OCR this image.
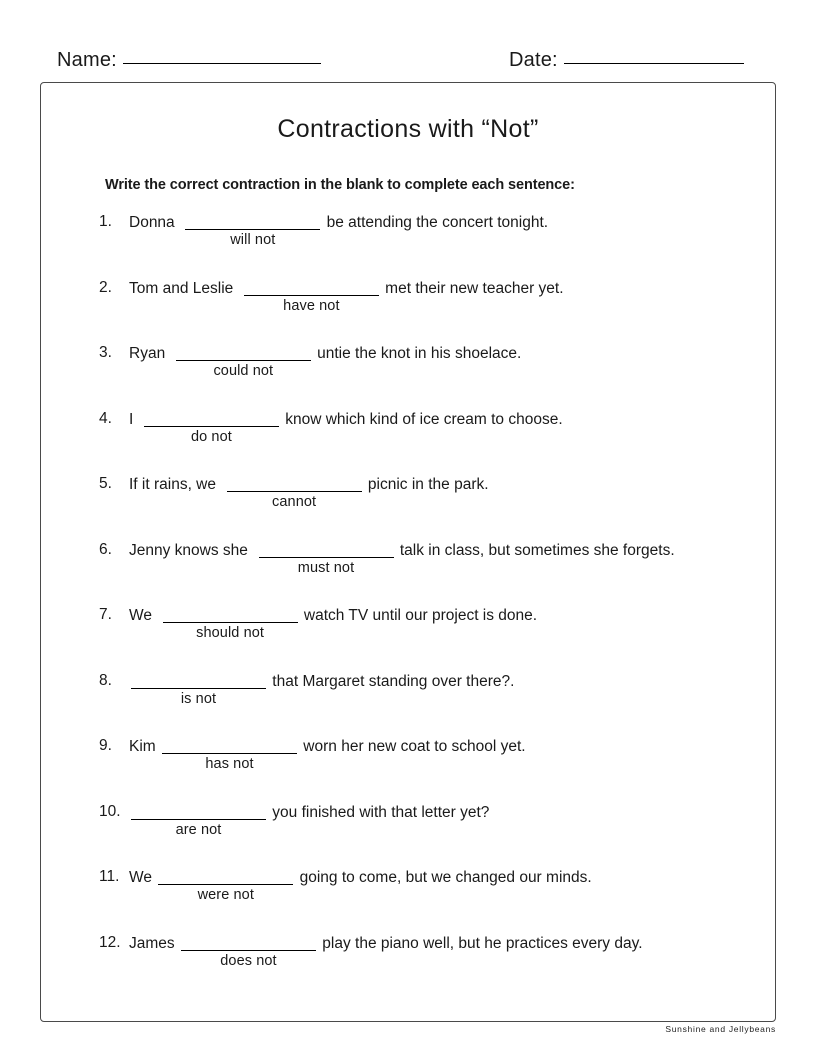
Name:	Date:
Contractions with “Not”
Write the correct contraction in the blank to complete each sentence:
1.	Donna
will not
be attending the concert tonight.
2.	Tom and Leslie
have not
met their new teacher yet.
3.	Ryan
could not
untie the knot in his shoelace.
4.	I
do not
know which kind of ice cream to choose.
5.	If it rains, we
cannot
picnic in the park.
6.	Jenny knows she
must not
talk in class, but sometimes she forgets.
7.	We
should not
watch TV until our project is done.
8.
is not
that Margaret standing over there?.
9.	Kim
has not
worn her new coat to school yet.
10.
are not
you finished with that letter yet?
11. We
were not
going to come, but we changed our minds.
12. James
does not
play the piano well, but he practices every day.
Sunshine and Jellybeans
